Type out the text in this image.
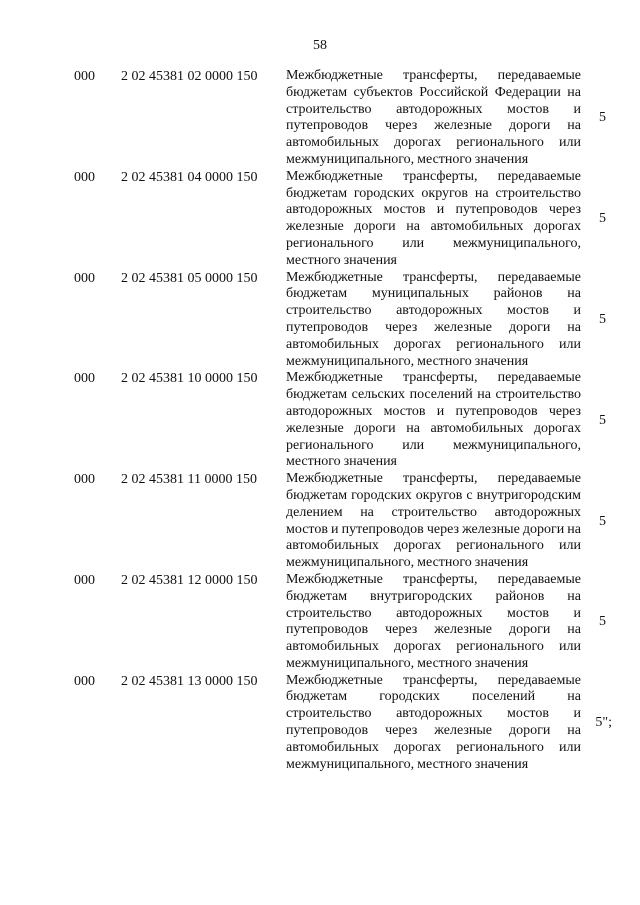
58
000 2 02 45381 02 0000 150 Межбюджетные трансферты, передаваемые бюджетам субъектов Российской Федерации на строительство автодорожных мостов и путепроводов через железные дороги на автомобильных дорогах регионального или межмуниципального, местного значения
5
000 2 02 45381 04 0000 150 Межбюджетные трансферты, передаваемые бюджетам городских округов на строительство автодорожных мостов и путепроводов через железные дороги на автомобильных дорогах регионального или межмуниципального, местного значения
5
000 2 02 45381 05 0000 150 Межбюджетные трансферты, передаваемые бюджетам муниципальных районов на строительство автодорожных мостов и путепроводов через железные дороги на автомобильных дорогах регионального или межмуниципального, местного значения
5
000 2 02 45381 10 0000 150 Межбюджетные трансферты, передаваемые бюджетам сельских поселений на строительство автодорожных мостов и путепроводов через железные дороги на автомобильных дорогах регионального или межмуниципального, местного значения
5
000 2 02 45381 11 0000 150 Межбюджетные трансферты, передаваемые бюджетам городских округов с внутригородским делением на строительство автодорожных мостов и путепроводов через железные дороги на автомобильных дорогах регионального или межмуниципального, местного значения
5
000 2 02 45381 12 0000 150 Межбюджетные трансферты, передаваемые бюджетам внутригородских районов на строительство автодорожных мостов и путепроводов через железные дороги на автомобильных дорогах регионального или межмуниципального, местного значения
5
000 2 02 45381 13 0000 150 Межбюджетные трансферты, передаваемые бюджетам городских поселений на строительство автодорожных мостов и путепроводов через железные дороги на автомобильных дорогах регионального или межмуниципального, местного значения
5";
